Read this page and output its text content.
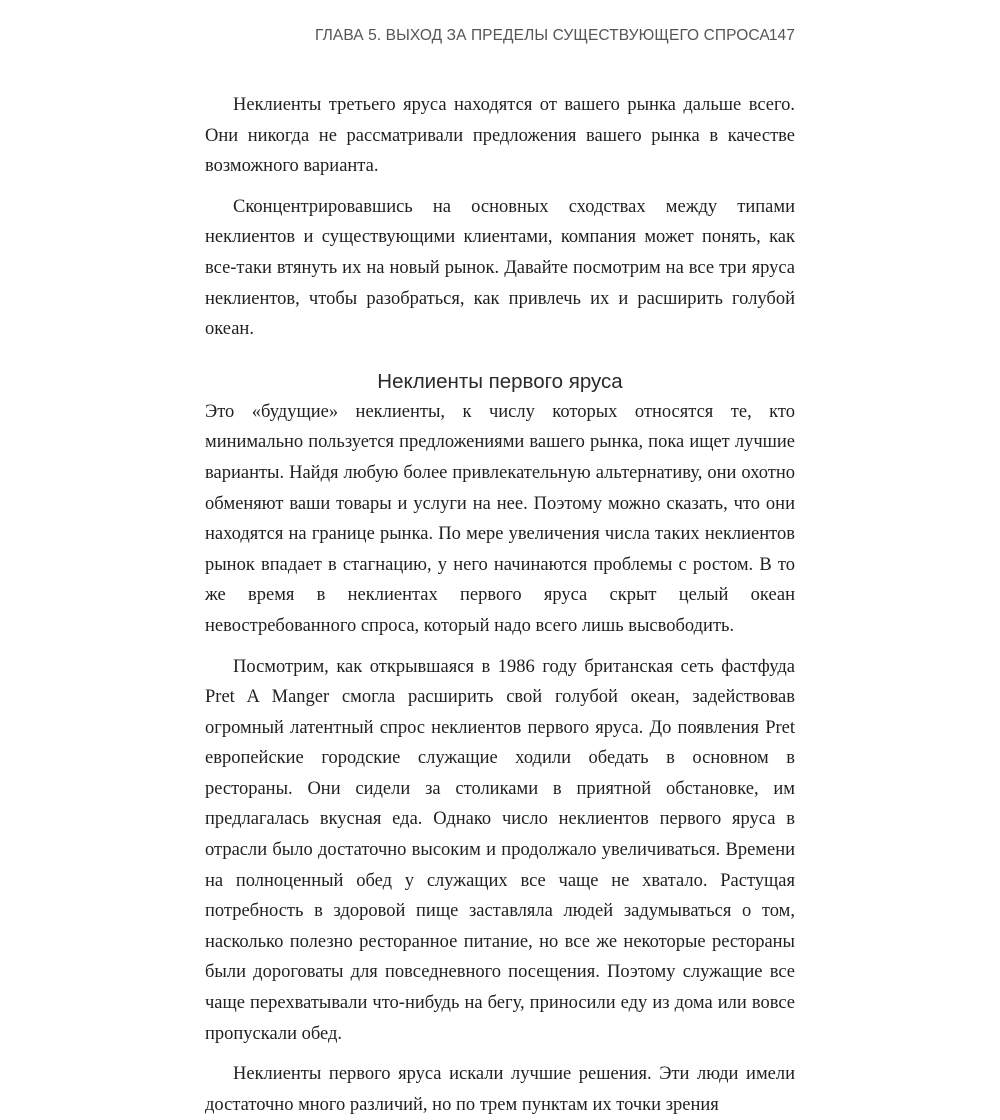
ГЛАВА 5. ВЫХОД ЗА ПРЕДЕЛЫ СУЩЕСТВУЮЩЕГО СПРОСА 147

Неклиенты третьего яруса находятся от вашего рынка дальше всего. Они никогда не рассматривали предложения вашего рынка в качестве возможного варианта.

Сконцентрировавшись на основных сходствах между типами неклиентов и существующими клиентами, компания может понять, как все-таки втянуть их на новый рынок. Давайте посмотрим на все три яруса неклиентов, чтобы разобраться, как привлечь их и расширить голубой океан.

Неклиенты первого яруса

Это «будущие» неклиенты, к числу которых относятся те, кто минимально пользуется предложениями вашего рынка, пока ищет лучшие варианты. Найдя любую более привлекательную альтернативу, они охотно обменяют ваши товары и услуги на нее. Поэтому можно сказать, что они находятся на границе рынка. По мере увеличения числа таких неклиентов рынок впадает в стагнацию, у него начинаются проблемы с ростом. В то же время в неклиентах первого яруса скрыт целый океан невостребованного спроса, который надо всего лишь высвободить.

Посмотрим, как открывшаяся в 1986 году британская сеть фастфуда Pret A Manger смогла расширить свой голубой океан, задействовав огромный латентный спрос неклиентов первого яруса. До появления Pret европейские городские служащие ходили обедать в основном в рестораны. Они сидели за столиками в приятной обстановке, им предлагалась вкусная еда. Однако число неклиентов первого яруса в отрасли было достаточно высоким и продолжало увеличиваться. Времени на полноценный обед у служащих все чаще не хватало. Растущая потребность в здоровой пище заставляла людей задумываться о том, насколько полезно ресторанное питание, но все же некоторые рестораны были дороговаты для повседневного посещения. Поэтому служащие все чаще перехватывали что-нибудь на бегу, приносили еду из дома или вовсе пропускали обед.

Неклиенты первого яруса искали лучшие решения. Эти люди имели достаточно много различий, но по трем пунктам их точки зрения
